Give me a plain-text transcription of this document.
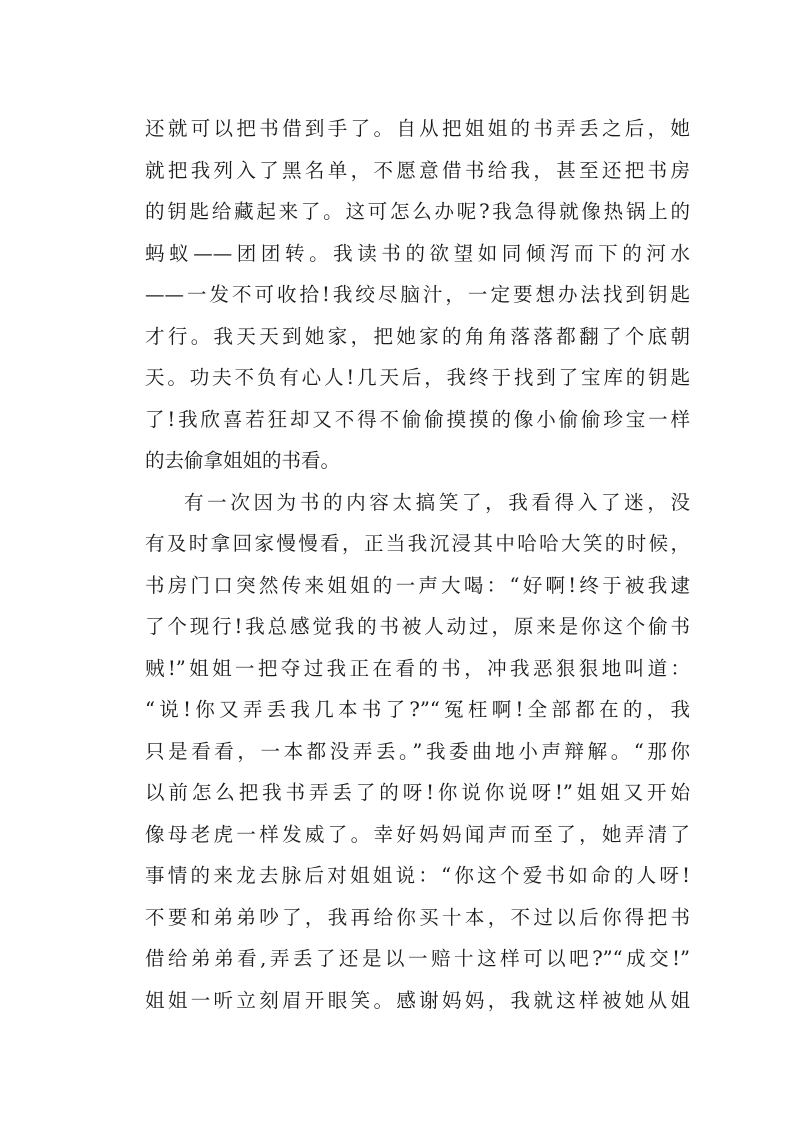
还就可以把书借到手了。自从把姐姐的书弄丢之后，她
就把我列入了黑名单，不愿意借书给我，甚至还把书房
的钥匙给藏起来了。这可怎么办呢?我急得就像热锅上的
蚂蚁——团团转。我读书的欲望如同倾泻而下的河水
——一发不可收拾!我绞尽脑汁，一定要想办法找到钥匙
才行。我天天到她家，把她家的角角落落都翻了个底朝
天。功夫不负有心人!几天后，我终于找到了宝库的钥匙
了!我欣喜若狂却又不得不偷偷摸摸的像小偷偷珍宝一样
的去偷拿姐姐的书看。
有一次因为书的内容太搞笑了，我看得入了迷，没
有及时拿回家慢慢看，正当我沉浸其中哈哈大笑的时候，
书房门口突然传来姐姐的一声大喝：“好啊!终于被我逮
了个现行!我总感觉我的书被人动过，原来是你这个偷书
贼!”姐姐一把夺过我正在看的书，冲我恶狠狠地叫道：
“说!你又弄丢我几本书了?”“冤枉啊!全部都在的，我
只是看看，一本都没弄丢。”我委曲地小声辩解。“那你
以前怎么把我书弄丢了的呀!你说你说呀!”姐姐又开始
像母老虎一样发威了。幸好妈妈闻声而至了，她弄清了
事情的来龙去脉后对姐姐说：“你这个爱书如命的人呀!
不要和弟弟吵了，我再给你买十本，不过以后你得把书
借给弟弟看,弄丢了还是以一赔十这样可以吧?”“成交!”
姐姐一听立刻眉开眼笑。感谢妈妈，我就这样被她从姐
